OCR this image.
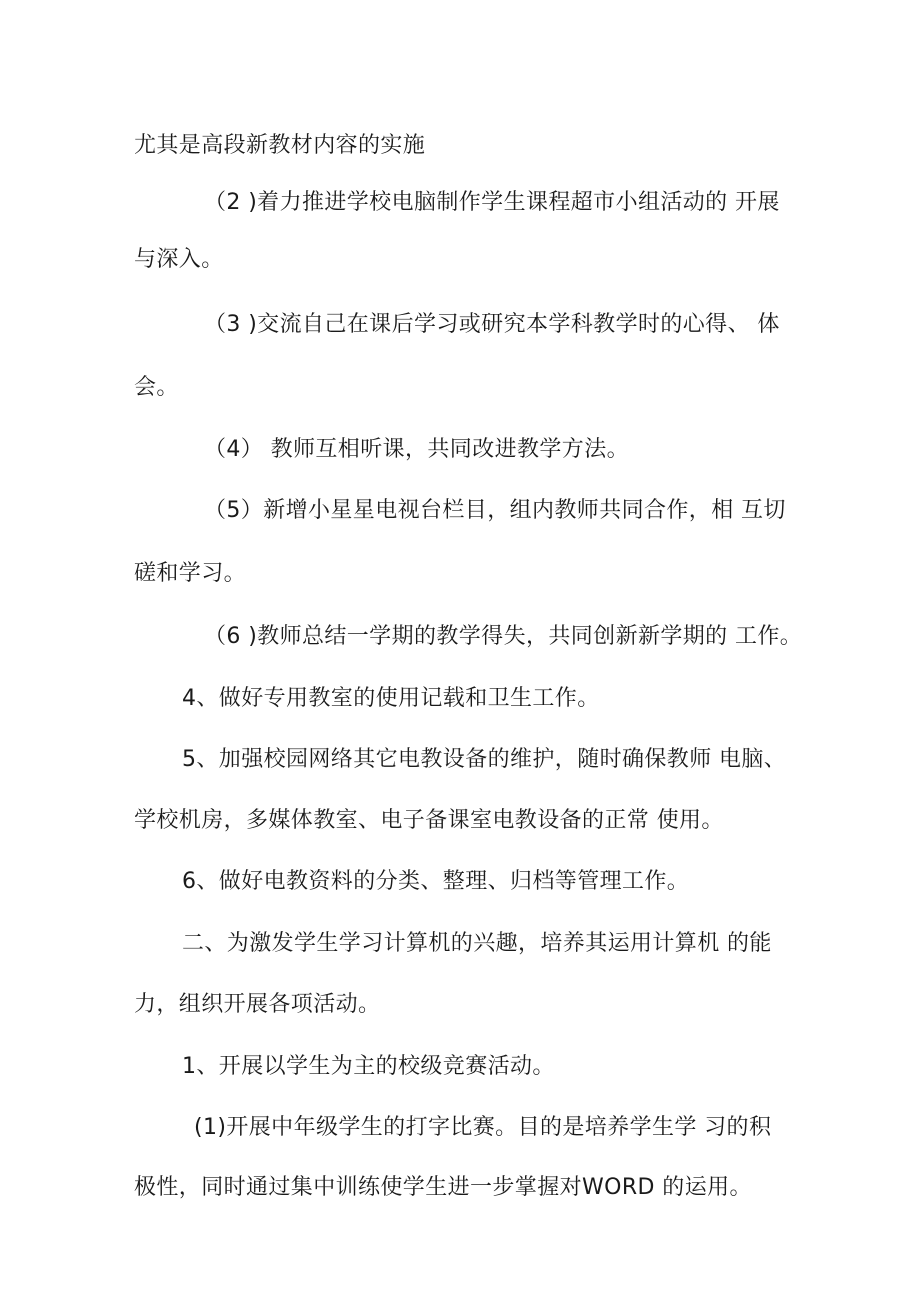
尤其是高段新教材内容的实施
（2 )着力推进学校电脑制作学生课程超市小组活动的 开展
与深入。
（3 )交流自己在课后学习或研究本学科教学时的心得、 体
会。
（4） 教师互相听课，共同改进教学方法。
（5）新增小星星电视台栏目，组内教师共同合作，相 互切
磋和学习。
（6 )教师总结一学期的教学得失，共同创新新学期的 工作。
4、做好专用教室的使用记载和卫生工作。
5、加强校园网络其它电教设备的维护，随时确保教师 电脑、
学校机房，多媒体教室、电子备课室电教设备的正常 使用。
6、做好电教资料的分类、整理、归档等管理工作。
二、为激发学生学习计算机的兴趣，培养其运用计算机 的能
力，组织开展各项活动。
1、开展以学生为主的校级竞赛活动。
(1)开展中年级学生的打字比赛。目的是培养学生学 习的积
极性，同时通过集中训练使学生进一步掌握对WORD 的运用。
